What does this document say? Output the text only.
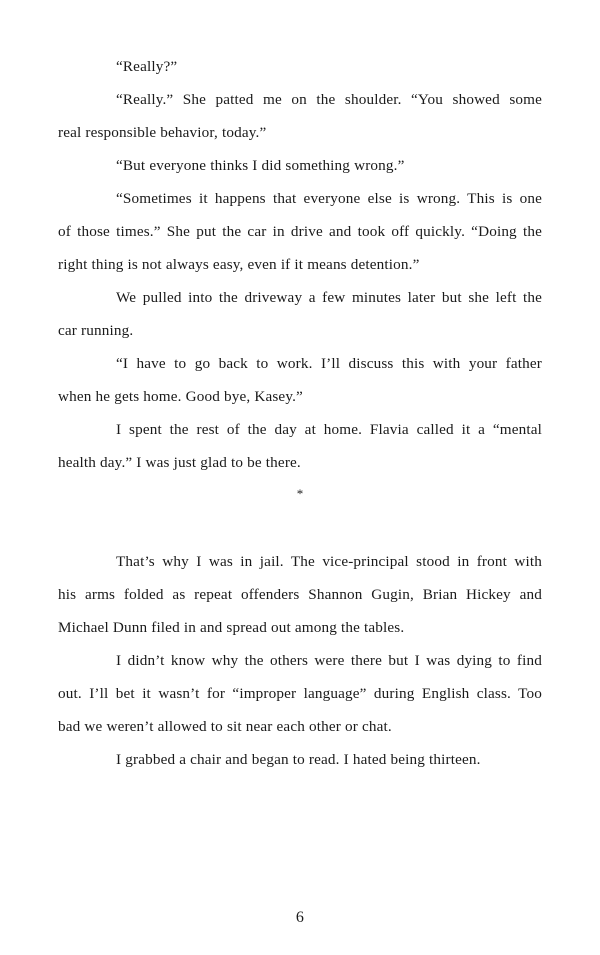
“Really?”

“Really.” She patted me on the shoulder. “You showed some
real responsible behavior, today.”

“But everyone thinks I did something wrong.”

“Sometimes it happens that everyone else is wrong. This is one
of those times.” She put the car in drive and took off quickly. “Doing the
right thing is not always easy, even if it means detention.”

We pulled into the driveway a few minutes later but she left the
car running.

“I have to go back to work. I’ll discuss this with your father
when he gets home. Good bye, Kasey.”

I spent the rest of the day at home. Flavia called it a “mental
health day.” I was just glad to be there.

That’s why I was in jail. The vice-principal stood in front with
his arms folded as repeat offenders Shannon Gugin, Brian Hickey and
Michael Dunn filed in and spread out among the tables.

I didn’t know why the others were there but I was dying to find
out. I’ll bet it wasn’t for “improper language” during English class. Too
bad we weren’t allowed to sit near each other or chat.

I grabbed a chair and began to read. I hated being thirteen.

*
6
